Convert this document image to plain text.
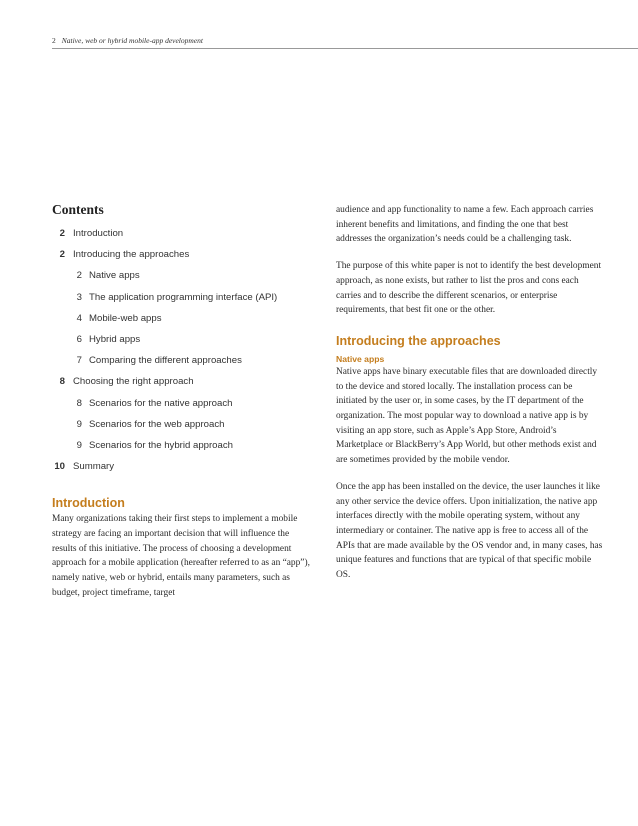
2 Native, web or hybrid mobile-app development
Contents
2 Introduction
2 Introducing the approaches
2 Native apps
3 The application programming interface (API)
4 Mobile-web apps
6 Hybrid apps
7 Comparing the different approaches
8 Choosing the right approach
8 Scenarios for the native approach
9 Scenarios for the web approach
9 Scenarios for the hybrid approach
10 Summary
Introduction

Many organizations taking their first steps to implement a mobile strategy are facing an important decision that will influence the results of this initiative. The process of choosing a development approach for a mobile application (hereafter referred to as an “app”), namely native, web or hybrid, entails many parameters, such as budget, project timeframe, target

audience and app functionality to name a few. Each approach carries inherent benefits and limitations, and finding the one that best addresses the organization’s needs could be a challenging task.

The purpose of this white paper is not to identify the best development approach, as none exists, but rather to list the pros and cons each carries and to describe the different scenarios, or enterprise requirements, that best fit one or the other.

Introducing the approaches
Native apps

Native apps have binary executable files that are downloaded directly to the device and stored locally. The installation process can be initiated by the user or, in some cases, by the IT department of the organization. The most popular way to download a native app is by visiting an app store, such as Apple’s App Store, Android’s Marketplace or BlackBerry’s App World, but other methods exist and are sometimes provided by the mobile vendor.

Once the app has been installed on the device, the user launches it like any other service the device offers. Upon initialization, the native app interfaces directly with the mobile operating system, without any intermediary or container. The native app is free to access all of the APIs that are made available by the OS vendor and, in many cases, has unique features and functions that are typical of that specific mobile OS.
